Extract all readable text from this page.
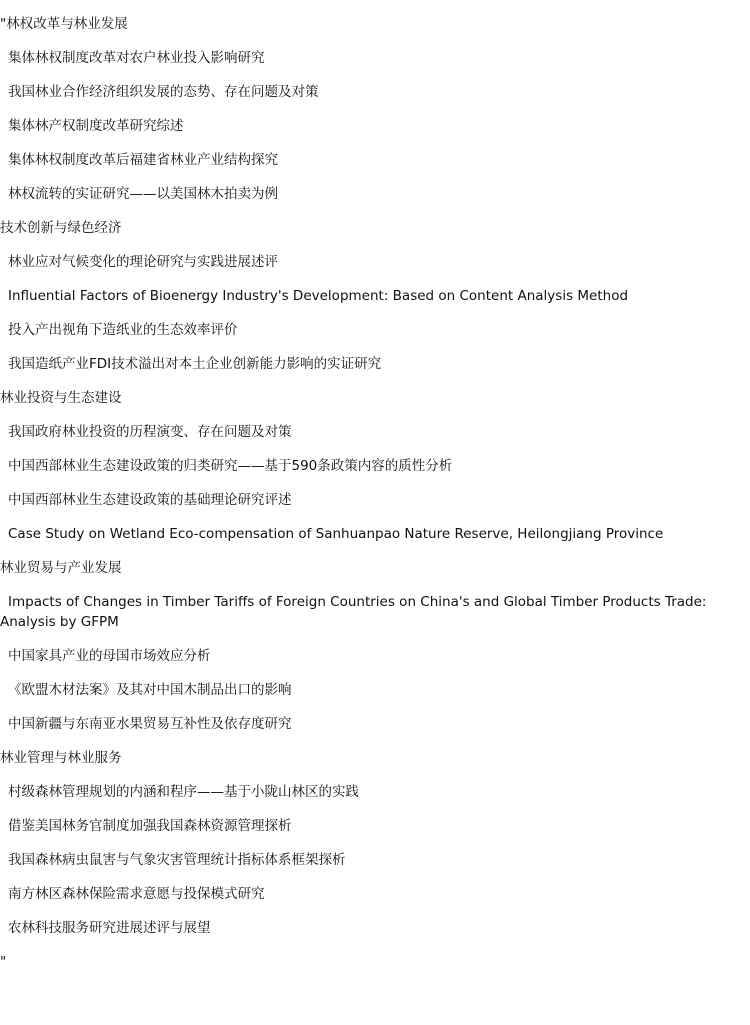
"林权改革与林业发展

集体林权制度改革对农户林业投入影响研究

我国林业合作经济组织发展的态势、存在问题及对策

集体林产权制度改革研究综述

集体林权制度改革后福建省林业产业结构探究

林权流转的实证研究——以美国林木拍卖为例

技术创新与绿色经济

林业应对气候变化的理论研究与实践进展述评

Influential Factors of Bioenergy Industry's Development: Based on Content Analysis Method

投入产出视角下造纸业的生态效率评价

我国造纸产业FDI技术溢出对本土企业创新能力影响的实证研究

林业投资与生态建设

我国政府林业投资的历程演变、存在问题及对策

中国西部林业生态建设政策的归类研究——基于590条政策内容的质性分析

中国西部林业生态建设政策的基础理论研究评述

Case Study on Wetland Eco-compensation of Sanhuanpao Nature Reserve, Heilongjiang Province

林业贸易与产业发展

Impacts of Changes in Timber Tariffs of Foreign Countries on China's and Global Timber Products Trade: Analysis by GFPM

中国家具产业的母国市场效应分析

《欧盟木材法案》及其对中国木制品出口的影响

中国新疆与东南亚水果贸易互补性及依存度研究

林业管理与林业服务

村级森林管理规划的内涵和程序——基于小陇山林区的实践

借鉴美国林务官制度加强我国森林资源管理探析

我国森林病虫鼠害与气象灾害管理统计指标体系框架探析

南方林区森林保险需求意愿与投保模式研究

农林科技服务研究进展述评与展望

"
